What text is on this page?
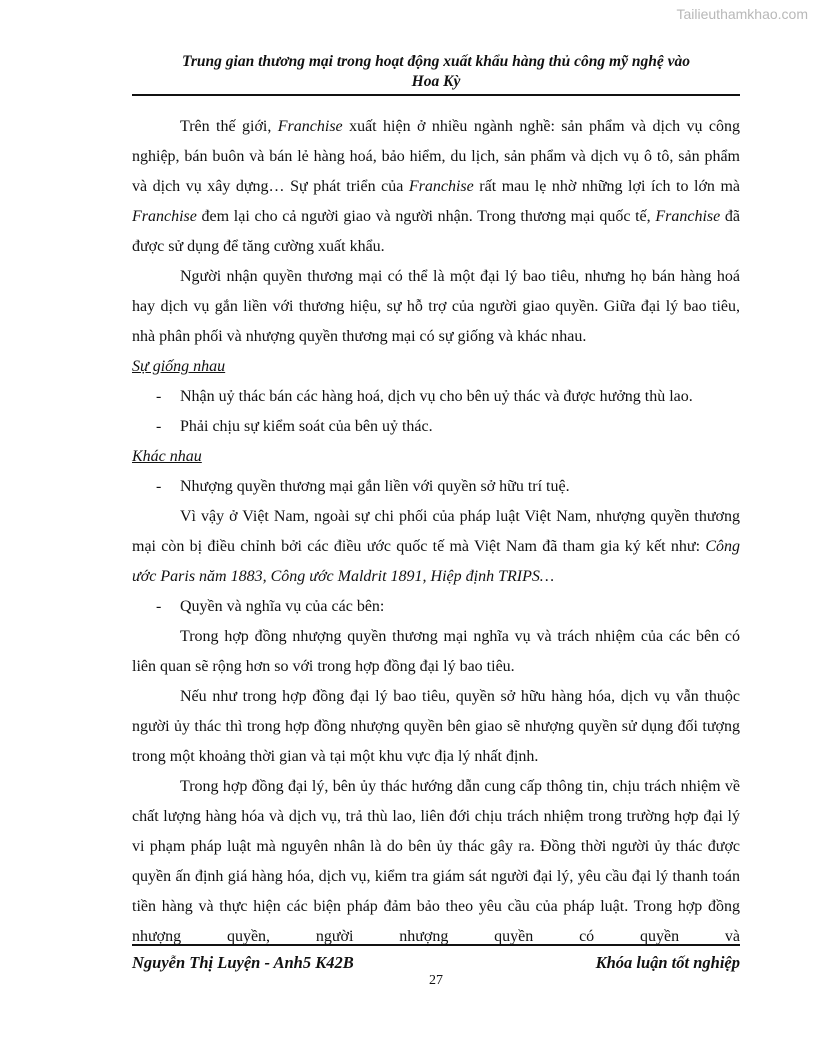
Tailieuthamkhao.com
Trung gian thương mại trong hoạt động xuất khẩu hàng thủ công mỹ nghệ vào
Hoa Kỳ

Trên thế giới, Franchise xuất hiện ở nhiều ngành nghề: sản phẩm và dịch vụ công nghiệp, bán buôn và bán lẻ hàng hoá, bảo hiểm, du lịch, sản phẩm và dịch vụ ô tô, sản phẩm và dịch vụ xây dựng… Sự phát triển của Franchise rất mau lẹ nhờ những lợi ích to lớn mà Franchise đem lại cho cả người giao và người nhận. Trong thương mại quốc tế, Franchise đã được sử dụng để tăng cường xuất khẩu.

Người nhận quyền thương mại có thể là một đại lý bao tiêu, nhưng họ bán hàng hoá hay dịch vụ gắn liền với thương hiệu, sự hỗ trợ của người giao quyền. Giữa đại lý bao tiêu, nhà phân phối và nhượng quyền thương mại có sự giống và khác nhau.

Sự giống nhau

-	Nhận uỷ thác bán các hàng hoá, dịch vụ cho bên uỷ thác và được hưởng thù lao.
-	Phải chịu sự kiểm soát của bên uỷ thác.

Khác nhau

-	Nhượng quyền thương mại gắn liền với quyền sở hữu trí tuệ.

Vì vậy ở Việt Nam, ngoài sự chi phối của pháp luật Việt Nam, nhượng quyền thương mại còn bị điều chỉnh bởi các điều ước quốc tế mà Việt Nam đã tham gia ký kết như: Công ước Paris năm 1883, Công ước Maldrit 1891, Hiệp định TRIPS…

-	Quyền và nghĩa vụ của các bên:

Trong hợp đồng nhượng quyền thương mại nghĩa vụ và trách nhiệm của các bên có liên quan sẽ rộng hơn so với trong hợp đồng đại lý bao tiêu.

Nếu như trong hợp đồng đại lý bao tiêu, quyền sở hữu hàng hóa, dịch vụ vẫn thuộc người ủy thác thì trong hợp đồng nhượng quyền bên giao sẽ nhượng quyền sử dụng đối tượng trong một khoảng thời gian và tại một khu vực địa lý nhất định.

Trong hợp đồng đại lý, bên ủy thác hướng dẫn cung cấp thông tin, chịu trách nhiệm về chất lượng hàng hóa và dịch vụ, trả thù lao, liên đới chịu trách nhiệm trong trường hợp đại lý vi phạm pháp luật mà nguyên nhân là do bên ủy thác gây ra. Đồng thời người ủy thác được quyền ấn định giá hàng hóa, dịch vụ, kiểm tra giám sát người đại lý, yêu cầu đại lý thanh toán tiền hàng và thực hiện các biện pháp đảm bảo theo yêu cầu của pháp luật. Trong hợp đồng nhượng quyền, người nhượng quyền có quyền và

Nguyễn Thị Luyện - Anh5 K42B	Khóa luận tốt nghiệp
27
